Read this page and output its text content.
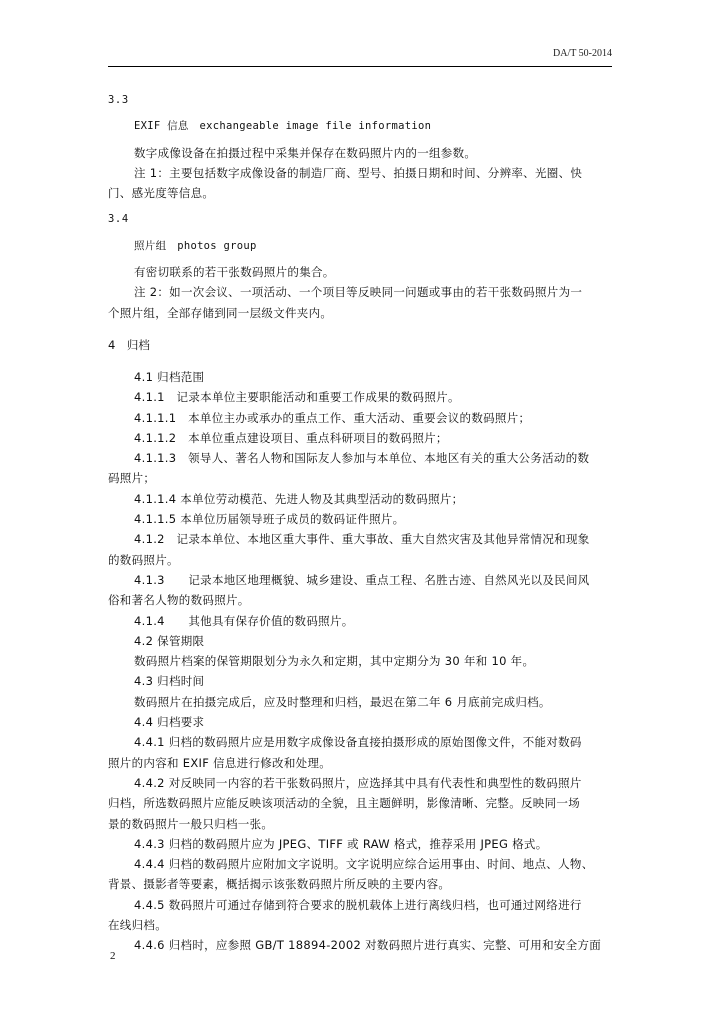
DA/T 50-2014
3.3
EXIF 信息　exchangeable image file information
数字成像设备在拍摄过程中采集并保存在数码照片内的一组参数。
注 1：主要包括数字成像设备的制造厂商、型号、拍摄日期和时间、分辨率、光圈、快
门、感光度等信息。
3.4
照片组　photos group
有密切联系的若干张数码照片的集合。
注 2：如一次会议、一项活动、一个项目等反映同一问题或事由的若干张数码照片为一
个照片组，全部存储到同一层级文件夹内。
4　归档
4.1 归档范围
4.1.1　记录本单位主要职能活动和重要工作成果的数码照片。
4.1.1.1　本单位主办或承办的重点工作、重大活动、重要会议的数码照片；
4.1.1.2　本单位重点建设项目、重点科研项目的数码照片；
4.1.1.3　领导人、著名人物和国际友人参加与本单位、本地区有关的重大公务活动的数
码照片；
4.1.1.4 本单位劳动模范、先进人物及其典型活动的数码照片；
4.1.1.5 本单位历届领导班子成员的数码证件照片。
4.1.2　记录本单位、本地区重大事件、重大事故、重大自然灾害及其他异常情况和现象
的数码照片。
4.1.3　　记录本地区地理概貌、城乡建设、重点工程、名胜古迹、自然风光以及民间风
俗和著名人物的数码照片。
4.1.4　　其他具有保存价值的数码照片。
4.2 保管期限
数码照片档案的保管期限划分为永久和定期，其中定期分为 30 年和 10 年。
4.3 归档时间
数码照片在拍摄完成后，应及时整理和归档，最迟在第二年 6 月底前完成归档。
4.4 归档要求
4.4.1 归档的数码照片应是用数字成像设备直接拍摄形成的原始图像文件，不能对数码
照片的内容和 EXIF 信息进行修改和处理。
4.4.2 对反映同一内容的若干张数码照片，应选择其中具有代表性和典型性的数码照片
归档，所选数码照片应能反映该项活动的全貌，且主题鲜明，影像清晰、完整。反映同一场
景的数码照片一般只归档一张。
4.4.3 归档的数码照片应为 JPEG、TIFF 或 RAW 格式，推荐采用 JPEG 格式。
4.4.4 归档的数码照片应附加文字说明。文字说明应综合运用事由、时间、地点、人物、
背景、摄影者等要素，概括揭示该张数码照片所反映的主要内容。
4.4.5 数码照片可通过存储到符合要求的脱机载体上进行离线归档，也可通过网络进行
在线归档。
4.4.6 归档时，应参照 GB/T 18894-2002 对数码照片进行真实、完整、可用和安全方面
2
